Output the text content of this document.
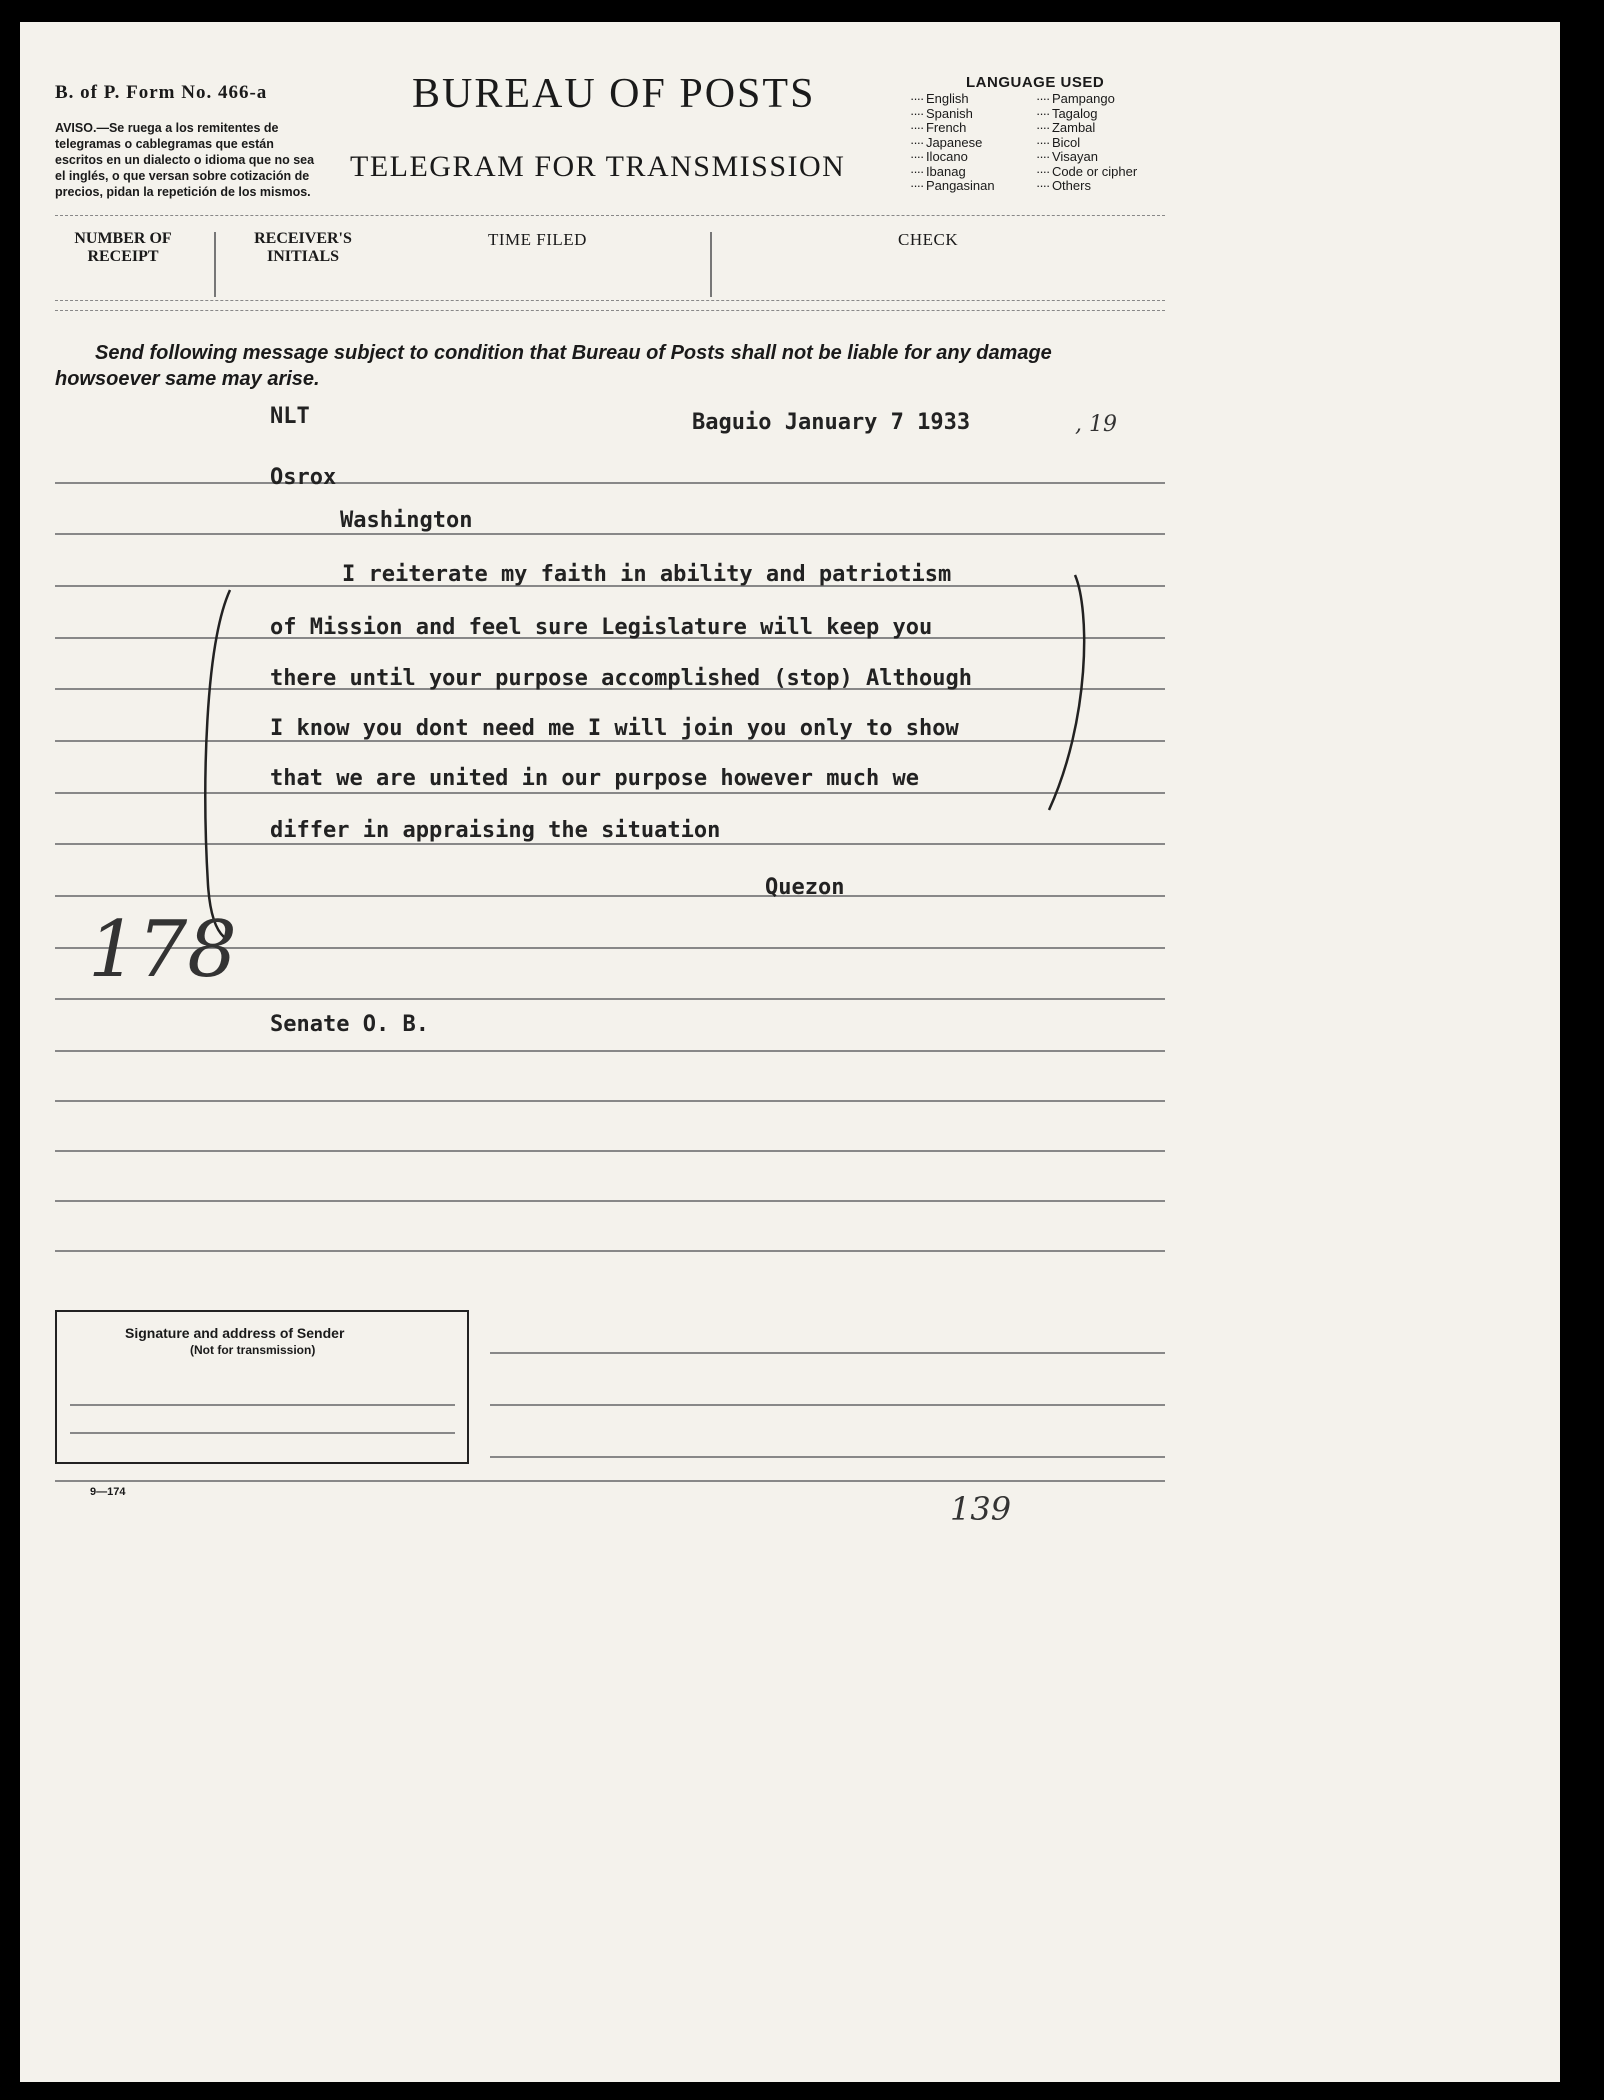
B. of P. Form No. 466-a
AVISO.—Se ruega a los remitentes de telegramas o cablegramas que están escritos en un dialecto o idioma que no sea el inglés, o que versan sobre cotización de precios, pidan la repetición de los mismos.
BUREAU OF POSTS
TELEGRAM FOR TRANSMISSION
LANGUAGE USED
···· English
···· Spanish
···· French
···· Japanese
···· Ilocano
···· Ibanag
···· Pangasinan
···· Pampango
···· Tagalog
···· Zambal
···· Bicol
···· Visayan
···· Code or cipher
···· Others
NUMBER OF
RECEIPT
RECEIVER'S
INITIALS
TIME FILED	CHECK
Send following message subject to condition that Bureau of Posts shall not be liable for any damage howsoever same may arise.
NLT	Baguio January 7 1933	, 19
Osrox
Washington
I reiterate my faith in ability and patriotism
of Mission and feel sure Legislature will keep you
there until your purpose accomplished (stop) Although
I know you dont need me I will join you only to show
that we are united in our purpose however much we
differ in appraising the situation
Quezon
Senate O. B.
178
Signature and address of Sender
(Not for transmission)
9—174	139
